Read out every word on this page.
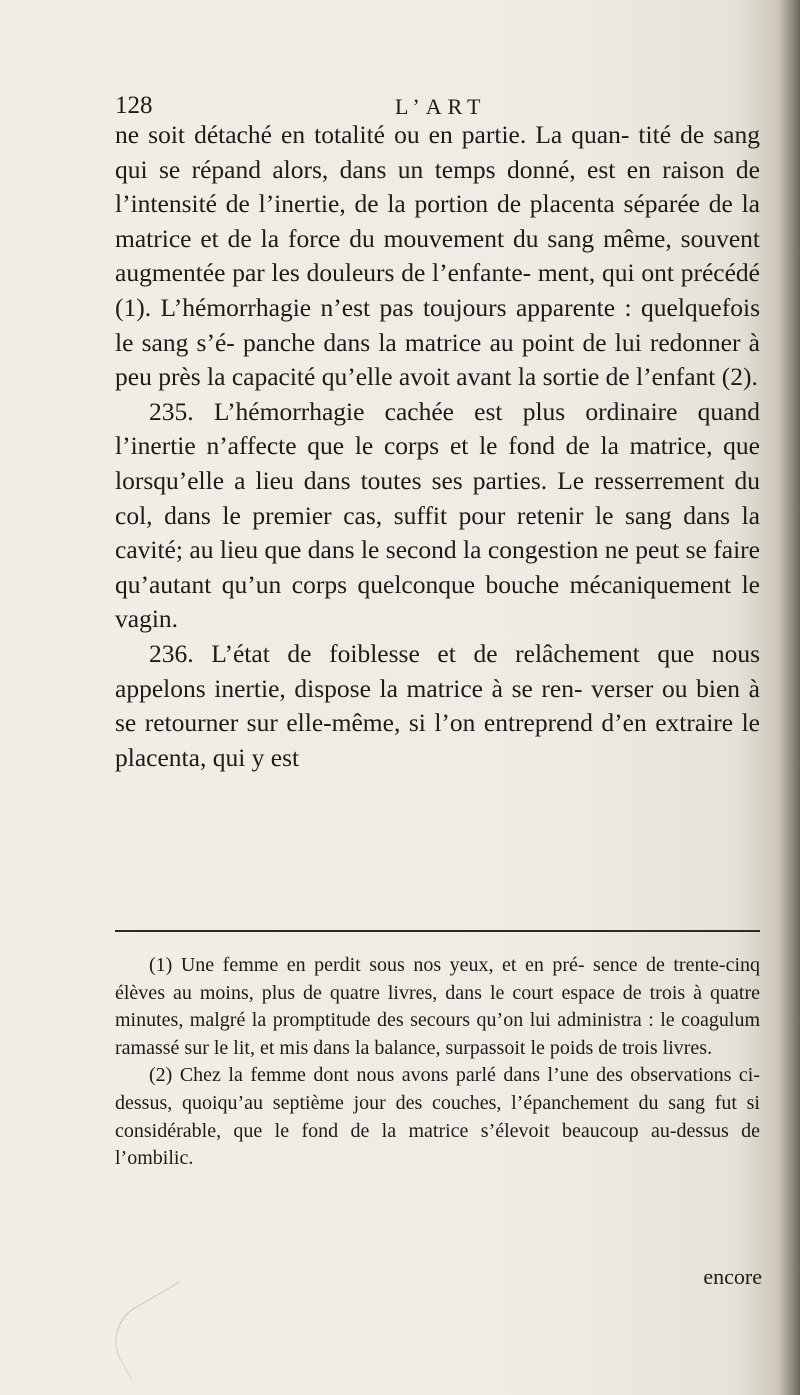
128	L’ART

ne soit détaché en totalité ou en partie. La quan- tité de sang qui se répand alors, dans un temps donné, est en raison de l’intensité de l’inertie, de la portion de placenta séparée de la matrice et de la force du mouvement du sang même, souvent augmentée par les douleurs de l’enfante- ment, qui ont précédé (1). L’hémorrhagie n’est pas toujours apparente : quelquefois le sang s’é- panche dans la matrice au point de lui redonner à peu près la capacité qu’elle avoit avant la sortie de l’enfant (2).

235. L’hémorrhagie cachée est plus ordinaire quand l’inertie n’affecte que le corps et le fond de la matrice, que lorsqu’elle a lieu dans toutes ses parties. Le resserrement du col, dans le premier cas, suffit pour retenir le sang dans la cavité; au lieu que dans le second la congestion ne peut se faire qu’autant qu’un corps quelconque bouche mécaniquement le vagin.

236. L’état de foiblesse et de relâchement que nous appelons inertie, dispose la matrice à se ren- verser ou bien à se retourner sur elle-même, si l’on entreprend d’en extraire le placenta, qui y est

(1) Une femme en perdit sous nos yeux, et en pré- sence de trente-cinq élèves au moins, plus de quatre livres, dans le court espace de trois à quatre minutes, malgré la promptitude des secours qu’on lui administra : le coagulum ramassé sur le lit, et mis dans la balance, surpassoit le poids de trois livres.

(2) Chez la femme dont nous avons parlé dans l’une des observations ci-dessus, quoiqu’au septième jour des couches, l’épanchement du sang fut si considérable, que le fond de la matrice s’élevoit beaucoup au-dessus de l’ombilic.

encore
